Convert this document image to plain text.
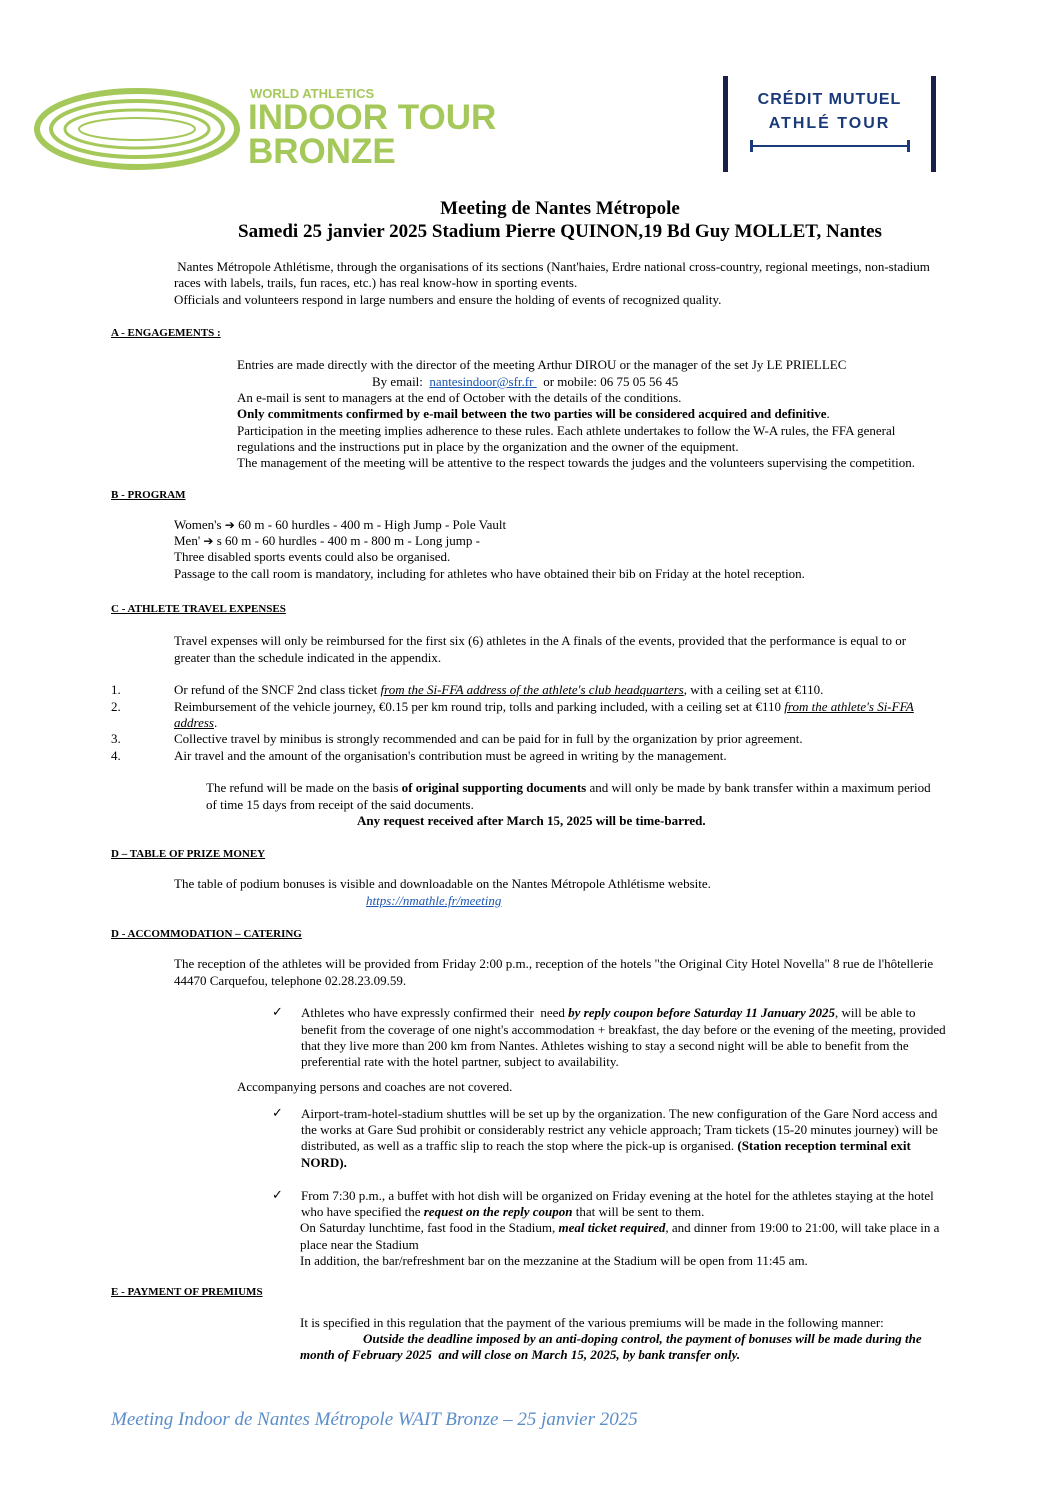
WORLD ATHLETICS
INDOOR TOUR
BRONZE
CRÉDIT MUTUEL
ATHLÉ TOUR
Meeting de Nantes Métropole
Samedi 25 janvier 2025 Stadium Pierre QUINON,19 Bd Guy MOLLET, Nantes
Nantes Métropole Athlétisme, through the organisations of its sections (Nant'haies, Erdre national cross-country, regional meetings, non-stadium
races with labels, trails, fun races, etc.) has real know-how in sporting events.
Officials and volunteers respond in large numbers and ensure the holding of events of recognized quality.
A - ENGAGEMENTS :
Entries are made directly with the director of the meeting Arthur DIROU or the manager of the set Jy LE PRIELLEC
By email:  nantesindoor@sfr.fr   or mobile: 06 75 05 56 45
An e-mail is sent to managers at the end of October with the details of the conditions.
Only commitments confirmed by e-mail between the two parties will be considered acquired and definitive.
Participation in the meeting implies adherence to these rules. Each athlete undertakes to follow the W-A rules, the FFA general
regulations and the instructions put in place by the organization and the owner of the equipment.
The management of the meeting will be attentive to the respect towards the judges and the volunteers supervising the competition.
B - PROGRAM
Women's ➔ 60 m - 60 hurdles - 400 m - High Jump - Pole Vault
Men' ➔ s 60 m - 60 hurdles - 400 m - 800 m - Long jump -
Three disabled sports events could also be organised.
Passage to the call room is mandatory, including for athletes who have obtained their bib on Friday at the hotel reception.
C - ATHLETE TRAVEL EXPENSES
Travel expenses will only be reimbursed for the first six (6) athletes in the A finals of the events, provided that the performance is equal to or
greater than the schedule indicated in the appendix.
1.	Or refund of the SNCF 2nd class ticket from the Si-FFA address of the athlete's club headquarters, with a ceiling set at €110.
2.	Reimbursement of the vehicle journey, €0.15 per km round trip, tolls and parking included, with a ceiling set at €110 from the athlete's Si-FFA
address.
3.	Collective travel by minibus is strongly recommended and can be paid for in full by the organization by prior agreement.
4.	Air travel and the amount of the organisation's contribution must be agreed in writing by the management.
The refund will be made on the basis of original supporting documents and will only be made by bank transfer within a maximum period
of time 15 days from receipt of the said documents.
Any request received after March 15, 2025 will be time-barred.
D – TABLE OF PRIZE MONEY
The table of podium bonuses is visible and downloadable on the Nantes Métropole Athlétisme website.
https://nmathle.fr/meeting
D - ACCOMMODATION – CATERING
The reception of the athletes will be provided from Friday 2:00 p.m., reception of the hotels "the Original City Hotel Novella" 8 rue de l'hôtellerie
44470 Carquefou, telephone 02.28.23.09.59.
✓ Athletes who have expressly confirmed their  need by reply coupon before Saturday 11 January 2025, will be able to
benefit from the coverage of one night's accommodation + breakfast, the day before or the evening of the meeting, provided
that they live more than 200 km from Nantes. Athletes wishing to stay a second night will be able to benefit from the
preferential rate with the hotel partner, subject to availability.
Accompanying persons and coaches are not covered.
✓ Airport-tram-hotel-stadium shuttles will be set up by the organization. The new configuration of the Gare Nord access and
the works at Gare Sud prohibit or considerably restrict any vehicle approach; Tram tickets (15-20 minutes journey) will be
distributed, as well as a traffic slip to reach the stop where the pick-up is organised. (Station reception terminal exit
NORD).
✓ From 7:30 p.m., a buffet with hot dish will be organized on Friday evening at the hotel for the athletes staying at the hotel
who have specified the request on the reply coupon that will be sent to them.
On Saturday lunchtime, fast food in the Stadium, meal ticket required, and dinner from 19:00 to 21:00, will take place in a
place near the Stadium
In addition, the bar/refreshment bar on the mezzanine at the Stadium will be open from 11:45 am.
E - PAYMENT OF PREMIUMS
It is specified in this regulation that the payment of the various premiums will be made in the following manner:
Outside the deadline imposed by an anti-doping control, the payment of bonuses will be made during the
month of February 2025  and will close on March 15, 2025, by bank transfer only.
Meeting Indoor de Nantes Métropole WAIT Bronze – 25 janvier 2025
